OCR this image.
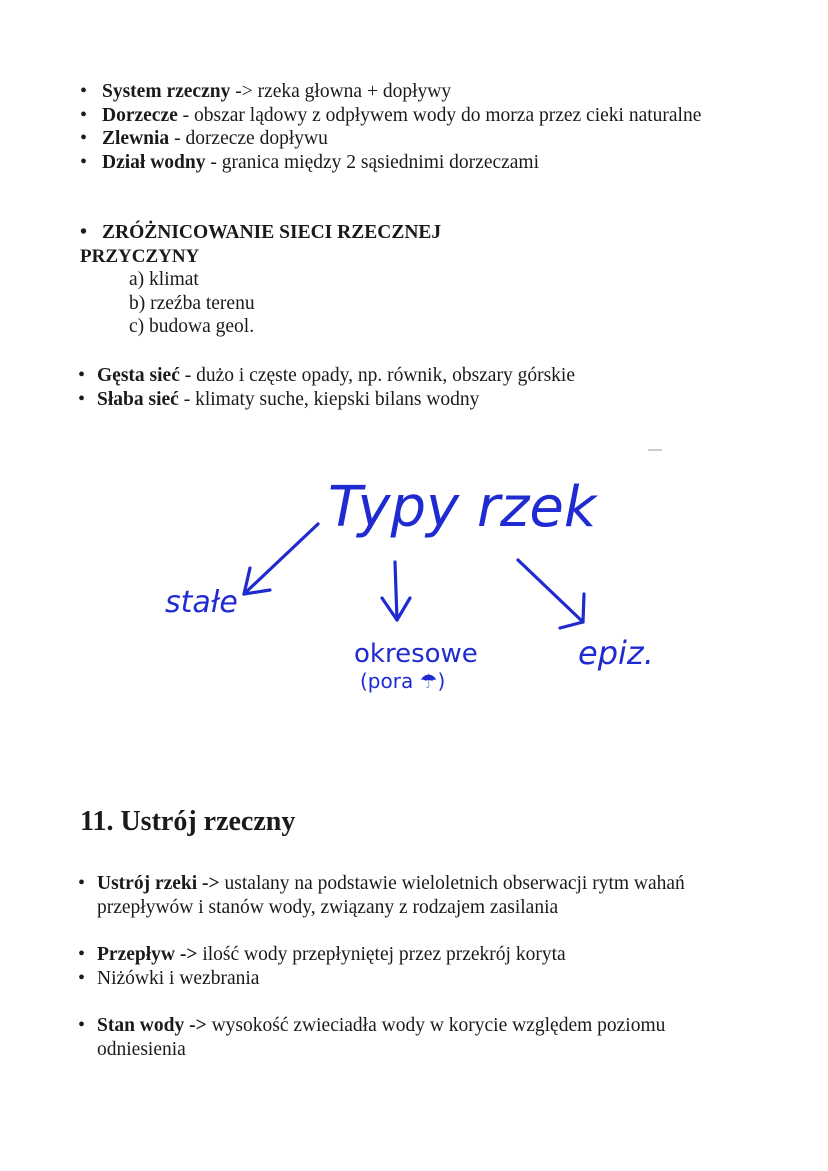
• System rzeczny -> rzeka głowna + dopływy
• Dorzecze - obszar lądowy z odpływem wody do morza przez cieki naturalne
• Zlewnia - dorzecze dopływu
• Dział wodny - granica między 2 sąsiednimi dorzeczami
• ZRÓŻNICOWANIE SIECI RZECZNEJ
PRZYCZYNY
a) klimat
b) rzeźba terenu
c) budowa geol.
• Gęsta sieć - dużo i częste opady, np. równik, obszary górskie
• Słaba sieć - klimaty suche, kiepski bilans wodny
Typy rzek
stałe
okresowe
(pora ☂)
epiz.
11. Ustrój rzeczny
• Ustrój rzeki -> ustalany na podstawie wieloletnich obserwacji rytm wahań przepływów i stanów wody, związany z rodzajem zasilania
• Przepływ -> ilość wody przepłyniętej przez przekrój koryta
• Niżówki i wezbrania
• Stan wody -> wysokość zwieciadła wody w korycie względem poziomu odniesienia
